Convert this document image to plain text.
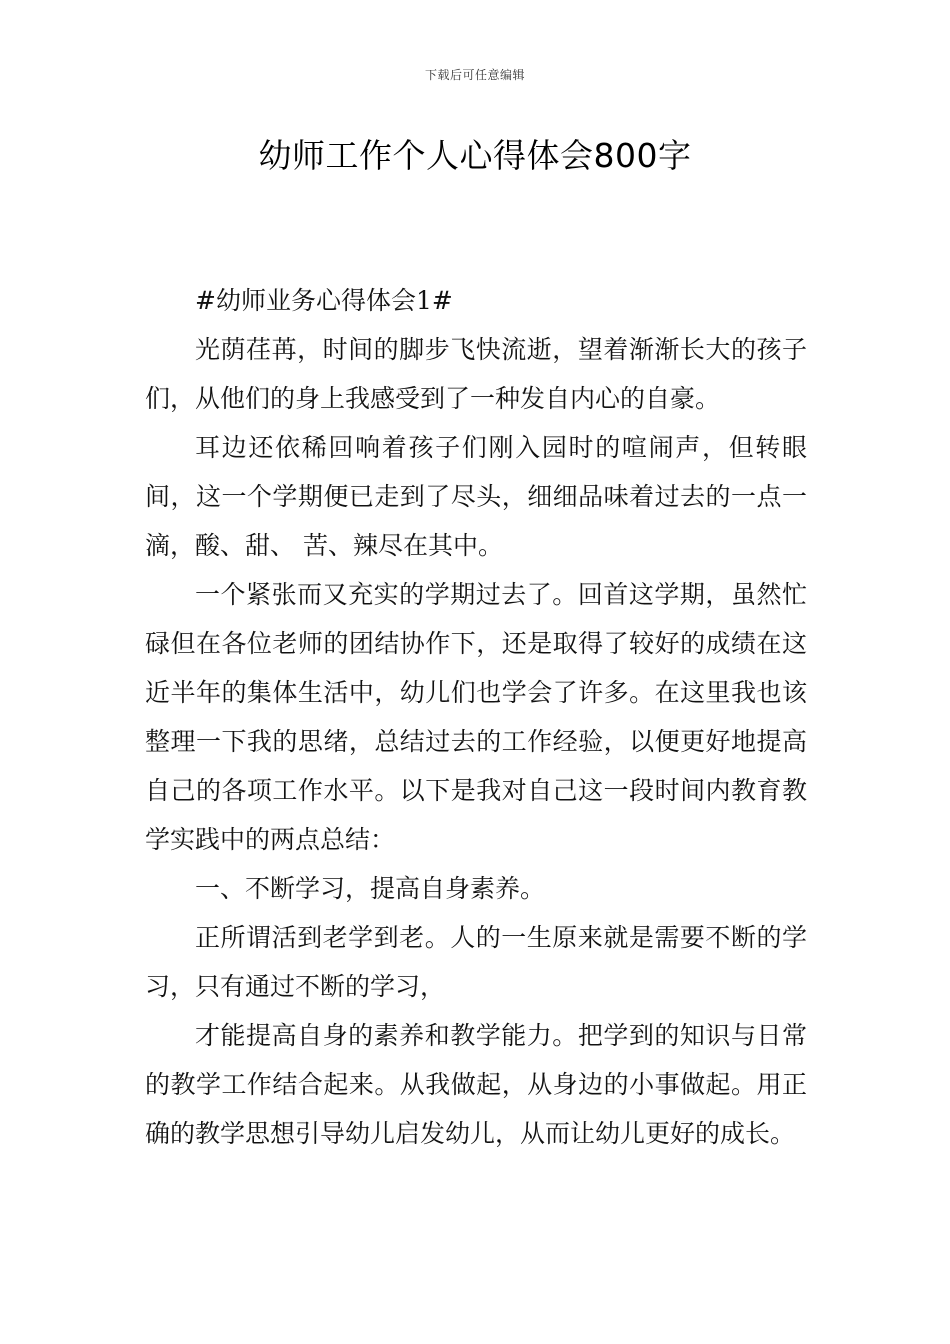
下载后可任意编辑
幼师工作个人心得体会800字

#幼师业务心得体会1#

光荫荏苒，时间的脚步飞快流逝，望着渐渐长大的孩子们，从他们的身上我感受到了一种发自内心的自豪。

耳边还依稀回响着孩子们刚入园时的喧闹声，但转眼间，这一个学期便已走到了尽头，细细品味着过去的一点一滴，酸、甜、 苦、辣尽在其中。

一个紧张而又充实的学期过去了。回首这学期，虽然忙碌但在各位老师的团结协作下，还是取得了较好的成绩在这近半年的集体生活中，幼儿们也学会了许多。在这里我也该整理一下我的思绪，总结过去的工作经验，以便更好地提高自己的各项工作水平。以下是我对自己这一段时间内教育教学实践中的两点总结：

一、不断学习，提高自身素养。

正所谓活到老学到老。人的一生原来就是需要不断的学习，只有通过不断的学习，

才能提高自身的素养和教学能力。把学到的知识与日常的教学工作结合起来。从我做起，从身边的小事做起。用正确的教学思想引导幼儿启发幼儿，从而让幼儿更好的成长。
